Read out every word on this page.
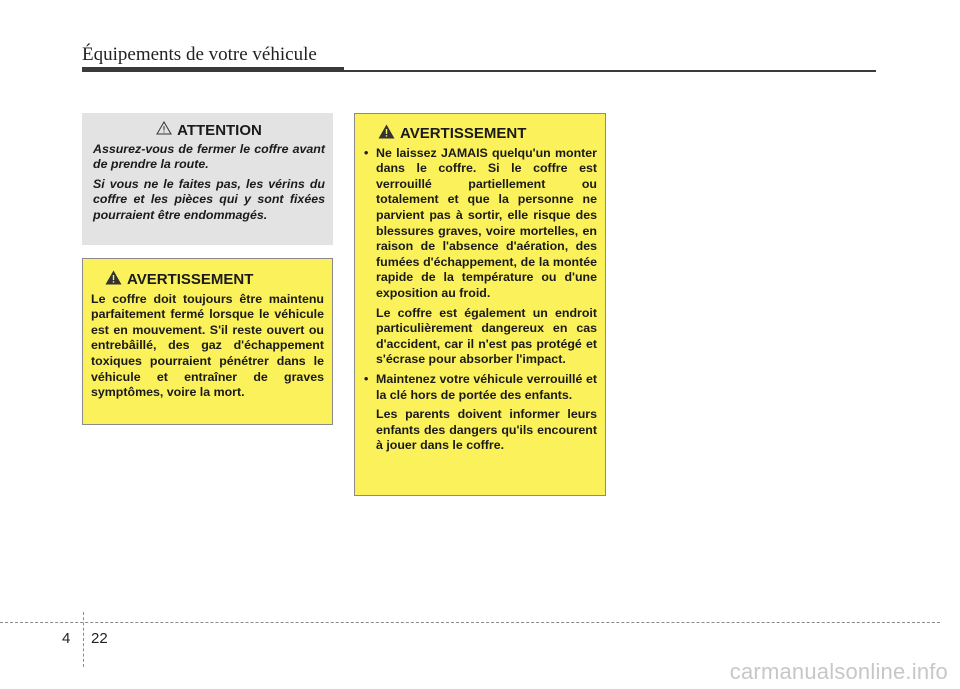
Équipements de votre véhicule
ATTENTION

Assurez-vous de fermer le coffre avant de prendre la route.

Si vous ne le faites pas, les vérins du coffre et les pièces qui y sont fixées pourraient être endommagés.

AVERTISSEMENT

Le coffre doit toujours être maintenu parfaitement fermé lorsque le véhicule est en mouvement. S'il reste ouvert ou entrebâillé, des gaz d'échappement toxiques pourraient pénétrer dans le véhicule et entraîner de graves symptômes, voire la mort.

AVERTISSEMENT
• Ne laissez JAMAIS quelqu'un monter dans le coffre. Si le coffre est verrouillé partiellement ou totalement et que la personne ne parvient pas à sortir, elle risque des blessures graves, voire mortelles, en raison de l'absence d'aération, des fumées d'échappement, de la montée rapide de la température ou d'une exposition au froid.

Le coffre est également un endroit particulièrement dangereux en cas d'accident, car il n'est pas protégé et s'écrase pour absorber l'impact.

• Maintenez votre véhicule verrouillé et la clé hors de portée des enfants.

Les parents doivent informer leurs enfants des dangers qu'ils encourent à jouer dans le coffre.

4 22
carmanualsonline.info
